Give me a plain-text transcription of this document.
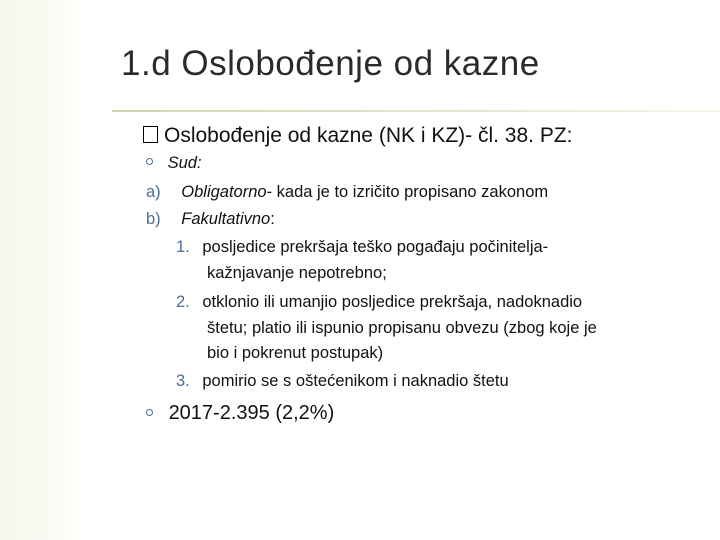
1.d Oslobođenje od kazne
Oslobođenje od kazne (NK i KZ)- čl. 38. PZ:
Sud:
a) Obligatorno- kada je to izričito propisano zakonom
b) Fakultativno:
1. posljedice prekršaja teško pogađaju počinitelja-
kažnjavanje nepotrebno;
2. otklonio ili umanjio posljedice prekršaja, nadoknadio
štetu; platio ili ispunio propisanu obvezu (zbog koje je
bio i pokrenut postupak)
3. pomirio se s oštećenikom i naknadio štetu
2017-2.395 (2,2%)
